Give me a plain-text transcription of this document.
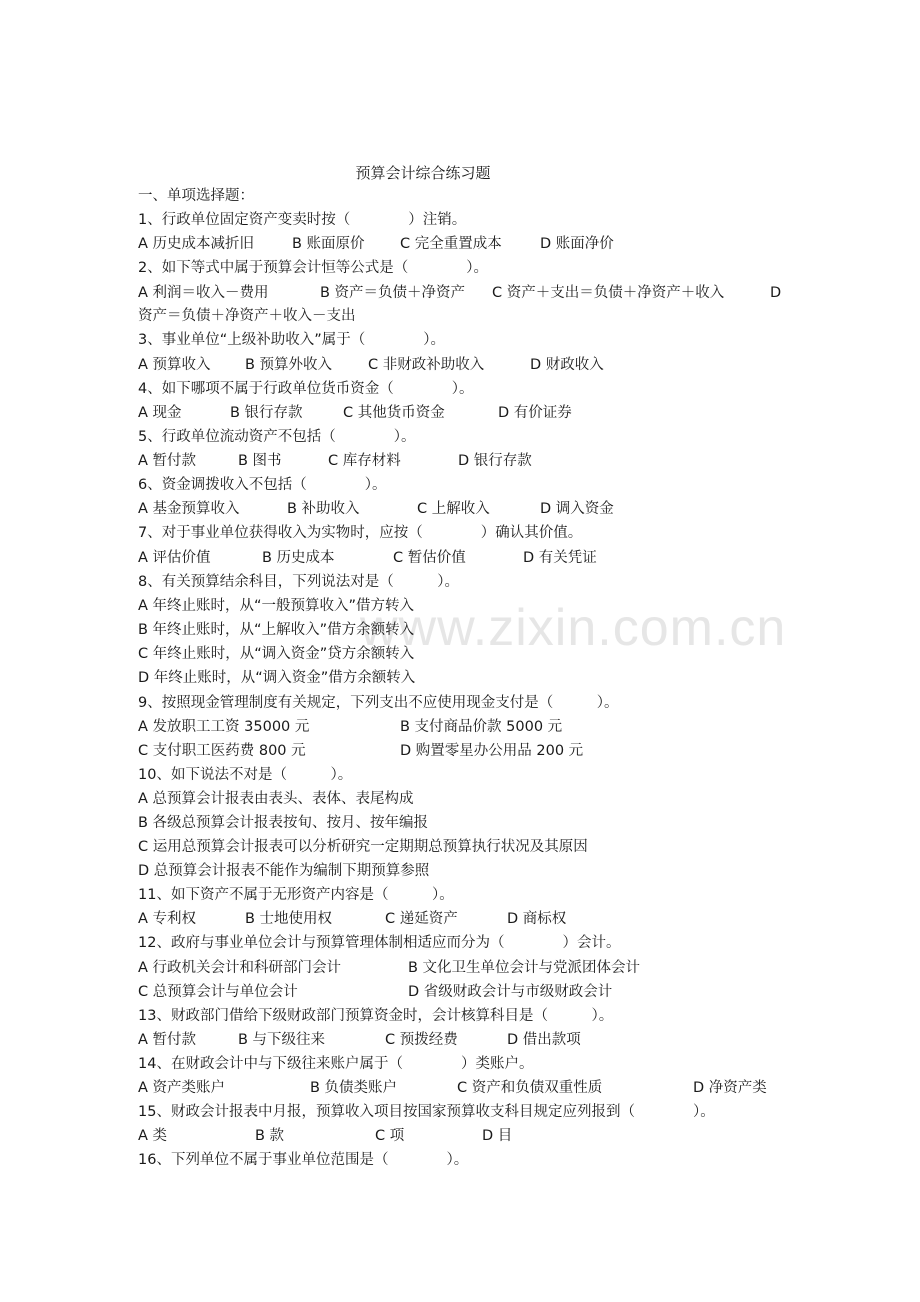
www.zixin.com.cn
预算会计综合练习题
一、单项选择题：
1、行政单位固定资产变卖时按（　　　　）注销。
A 历史成本减折旧	B 账面原价 C 完全重置成本	D 账面净价
2、如下等式中属于预算会计恒等公式是（　　　　）。
A 利润＝收入－费用	B 资产＝负债＋净资产 C 资产＋支出＝负债＋净资产＋收入	D
资产＝负债＋净资产＋收入－支出
3、事业单位“上级补助收入”属于（　　　　）。
A 预算收入 B 预算外收入 C 非财政补助收入	D 财政收入
4、如下哪项不属于行政单位货币资金（　　　　）。
A 现金	B 银行存款	C 其他货币资金	D 有价证券
5、行政单位流动资产不包括（　　　　）。
A 暂付款	B 图书	C 库存材料	D 银行存款
6、资金调拨收入不包括（　　　　）。
A 基金预算收入	B 补助收入	C 上解收入	D 调入资金
7、对于事业单位获得收入为实物时，应按（　　　　）确认其价值。
A 评估价值	B 历史成本	C 暂估价值	D 有关凭证
8、有关预算结余科目，下列说法对是（　　　）。
A 年终止账时，从“一般预算收入”借方转入
B 年终止账时，从“上解收入”借方余额转入
C 年终止账时，从“调入资金”贷方余额转入
D 年终止账时，从“调入资金”借方余额转入
9、按照现金管理制度有关规定，下列支出不应使用现金支付是（　　　）。
A 发放职工工资 35000 元	B 支付商品价款 5000 元
C 支付职工医药费 800 元	D 购置零星办公用品 200 元
10、如下说法不对是（　　　）。
A 总预算会计报表由表头、表体、表尾构成
B 各级总预算会计报表按旬、按月、按年编报
C 运用总预算会计报表可以分析研究一定期期总预算执行状况及其原因
D 总预算会计报表不能作为编制下期预算参照
11、如下资产不属于无形资产内容是（　　　）。
A 专利权	B 士地使用权	C 递延资产	D 商标权
12、政府与事业单位会计与预算管理体制相适应而分为（　　　　）会计。
A 行政机关会计和科研部门会计	B 文化卫生单位会计与党派团体会计
C 总预算会计与单位会计	D 省级财政会计与市级财政会计
13、财政部门借给下级财政部门预算资金时，会计核算科目是（　　　）。
A 暂付款	B 与下级往来	C 预拨经费	D 借出款项
14、在财政会计中与下级往来账户属于（　　　　）类账户。
A 资产类账户	B 负债类账户	C 资产和负债双重性质	D 净资产类
15、财政会计报表中月报，预算收入项目按国家预算收支科目规定应列报到（　　　　）。
A 类	B 款	C 项	D 目
16、下列单位不属于事业单位范围是（　　　　）。
